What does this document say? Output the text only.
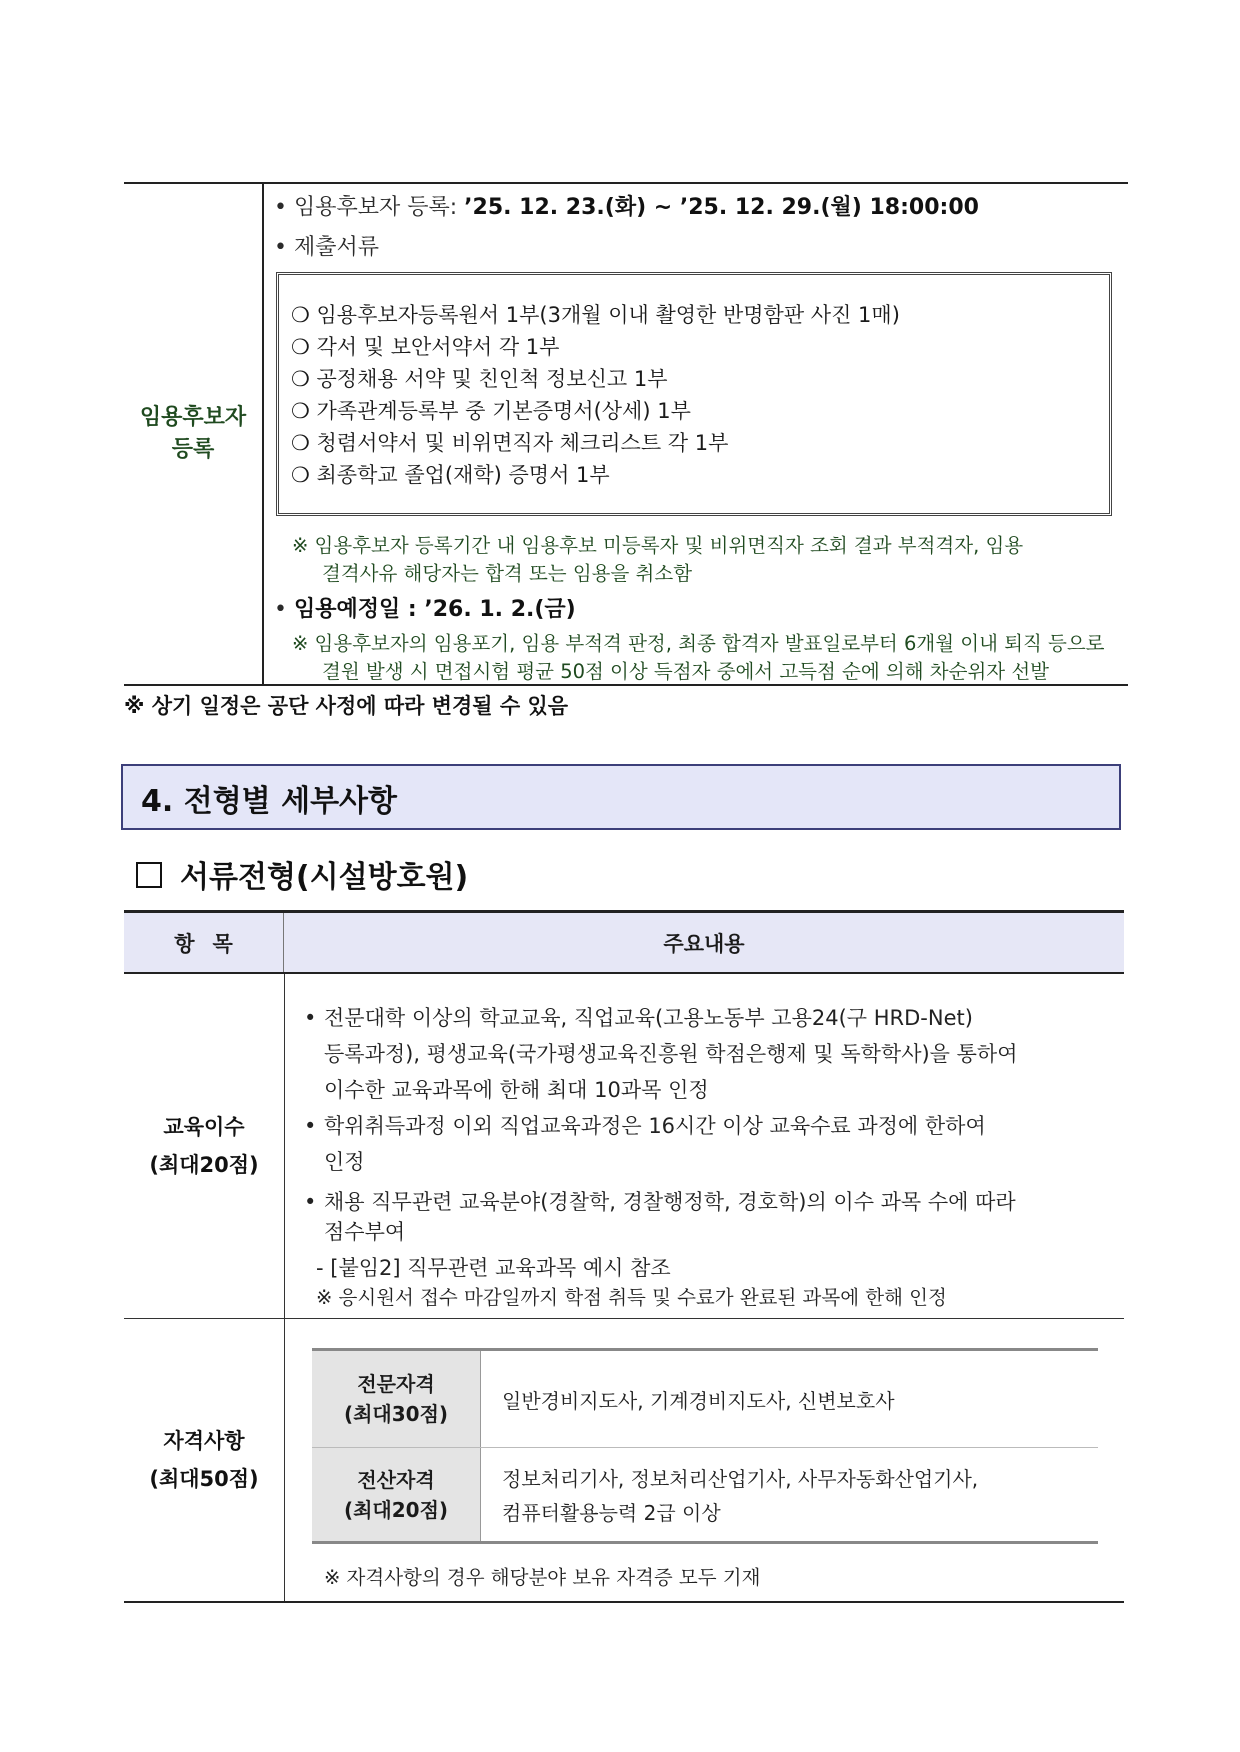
임용후보자
등록
• 임용후보자 등록: ’25. 12. 23.(화) ~ ’25. 12. 29.(월) 18:00:00
• 제출서류
❍ 임용후보자등록원서 1부(3개월 이내 촬영한 반명함판 사진 1매)
❍ 각서 및 보안서약서 각 1부
❍ 공정채용 서약 및 친인척 정보신고 1부
❍ 가족관계등록부 중 기본증명서(상세) 1부
❍ 청렴서약서 및 비위면직자 체크리스트 각 1부
❍ 최종학교 졸업(재학) 증명서 1부
※ 임용후보자 등록기간 내 임용후보 미등록자 및 비위면직자 조회 결과 부적격자, 임용
결격사유 해당자는 합격 또는 임용을 취소함
• 임용예정일 : ’26. 1. 2.(금)
※ 임용후보자의 임용포기, 임용 부적격 판정, 최종 합격자 발표일로부터 6개월 이내 퇴직 등으로
결원 발생 시 면접시험 평균 50점 이상 득점자 중에서 고득점 순에 의해 차순위자 선발
※ 상기 일정은 공단 사정에 따라 변경될 수 있음
4. 전형별 세부사항
서류전형(시설방호원)
항목	주요내용
교육이수
(최대20점)
• 전문대학 이상의 학교교육, 직업교육(고용노동부 고용24(구 HRD-Net)
등록과정), 평생교육(국가평생교육진흥원 학점은행제 및 독학학사)을 통하여
이수한 교육과목에 한해 최대 10과목 인정
• 학위취득과정 이외 직업교육과정은 16시간 이상 교육수료 과정에 한하여
인정
• 채용 직무관련 교육분야(경찰학, 경찰행정학, 경호학)의 이수 과목 수에 따라
점수부여
- [붙임2] 직무관련 교육과목 예시 참조
※ 응시원서 접수 마감일까지 학점 취득 및 수료가 완료된 과목에 한해 인정
자격사항
(최대50점)
※ 자격사항의 경우 해당분야 보유 자격증 모두 기재
전문자격
(최대30점)
일반경비지도사, 기계경비지도사, 신변보호사
전산자격
(최대20점)
정보처리기사, 정보처리산업기사, 사무자동화산업기사,
컴퓨터활용능력 2급 이상
